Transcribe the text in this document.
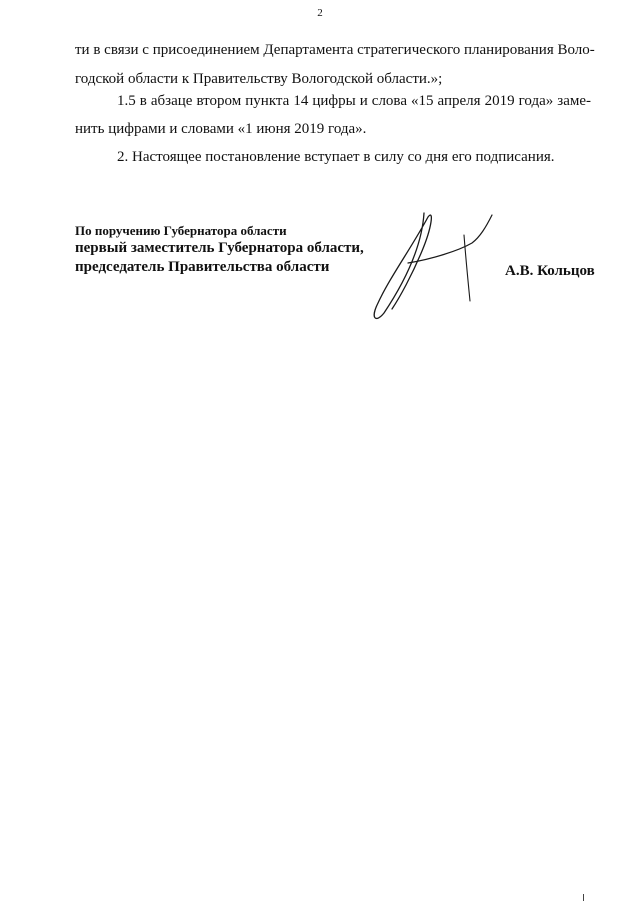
2
ти в связи с присоединением Департамента стратегического планирования Воло-
годской области к Правительству Вологодской области.»;
1.5 в абзаце втором пункта 14 цифры и слова «15 апреля 2019 года» заме-
нить цифрами и словами «1 июня 2019 года».
2. Настоящее постановление вступает в силу со дня его подписания.
По поручению Губернатора области
первый заместитель Губернатора области,
председатель Правительства области	А.В. Кольцов
